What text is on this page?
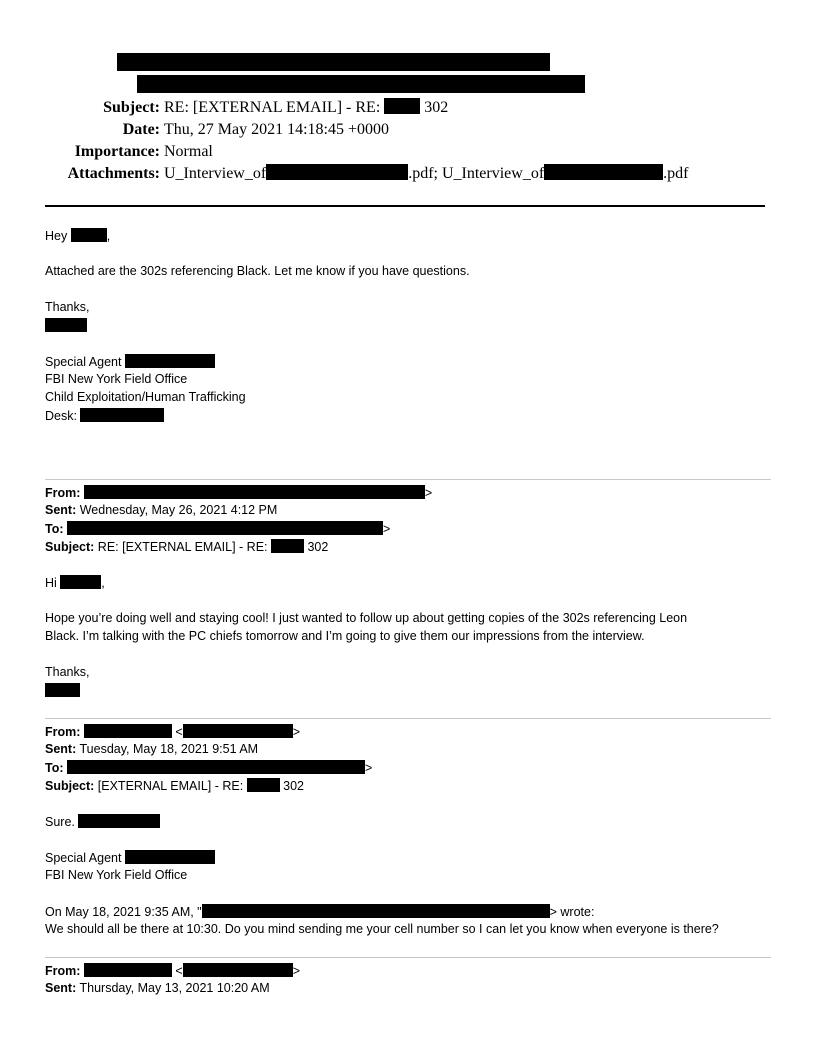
Subject: RE: [EXTERNAL EMAIL] - RE:  302
Date: Thu, 27 May 2021 14:18:45 +0000
Importance: Normal
Attachments: U_Interview_of	.pdf; U_Interview_of	.pdf
Hey	,
Attached are the 302s referencing Black. Let me know if you have questions.
Thanks,
Special Agent
FBI New York Field Office
Child Exploitation/Human Trafficking
Desk:
From:	>
Sent: Wednesday, May 26, 2021 4:12 PM
To:	>
Subject: RE: [EXTERNAL EMAIL] - RE:	302
Hi	,
Hope you’re doing well and staying cool! I just wanted to follow up about getting copies of the 302s referencing Leon
Black. I’m talking with the PC chiefs tomorrow and I’m going to give them our impressions from the interview.
Thanks,
From:	<	>
Sent: Tuesday, May 18, 2021 9:51 AM
To:	>
Subject: [EXTERNAL EMAIL] - RE:	302
Sure.
Special Agent
FBI New York Field Office
On May 18, 2021 9:35 AM, "	> wrote:
We should all be there at 10:30. Do you mind sending me your cell number so I can let you know when everyone is there?
From:	<	>
Sent: Thursday, May 13, 2021 10:20 AM
